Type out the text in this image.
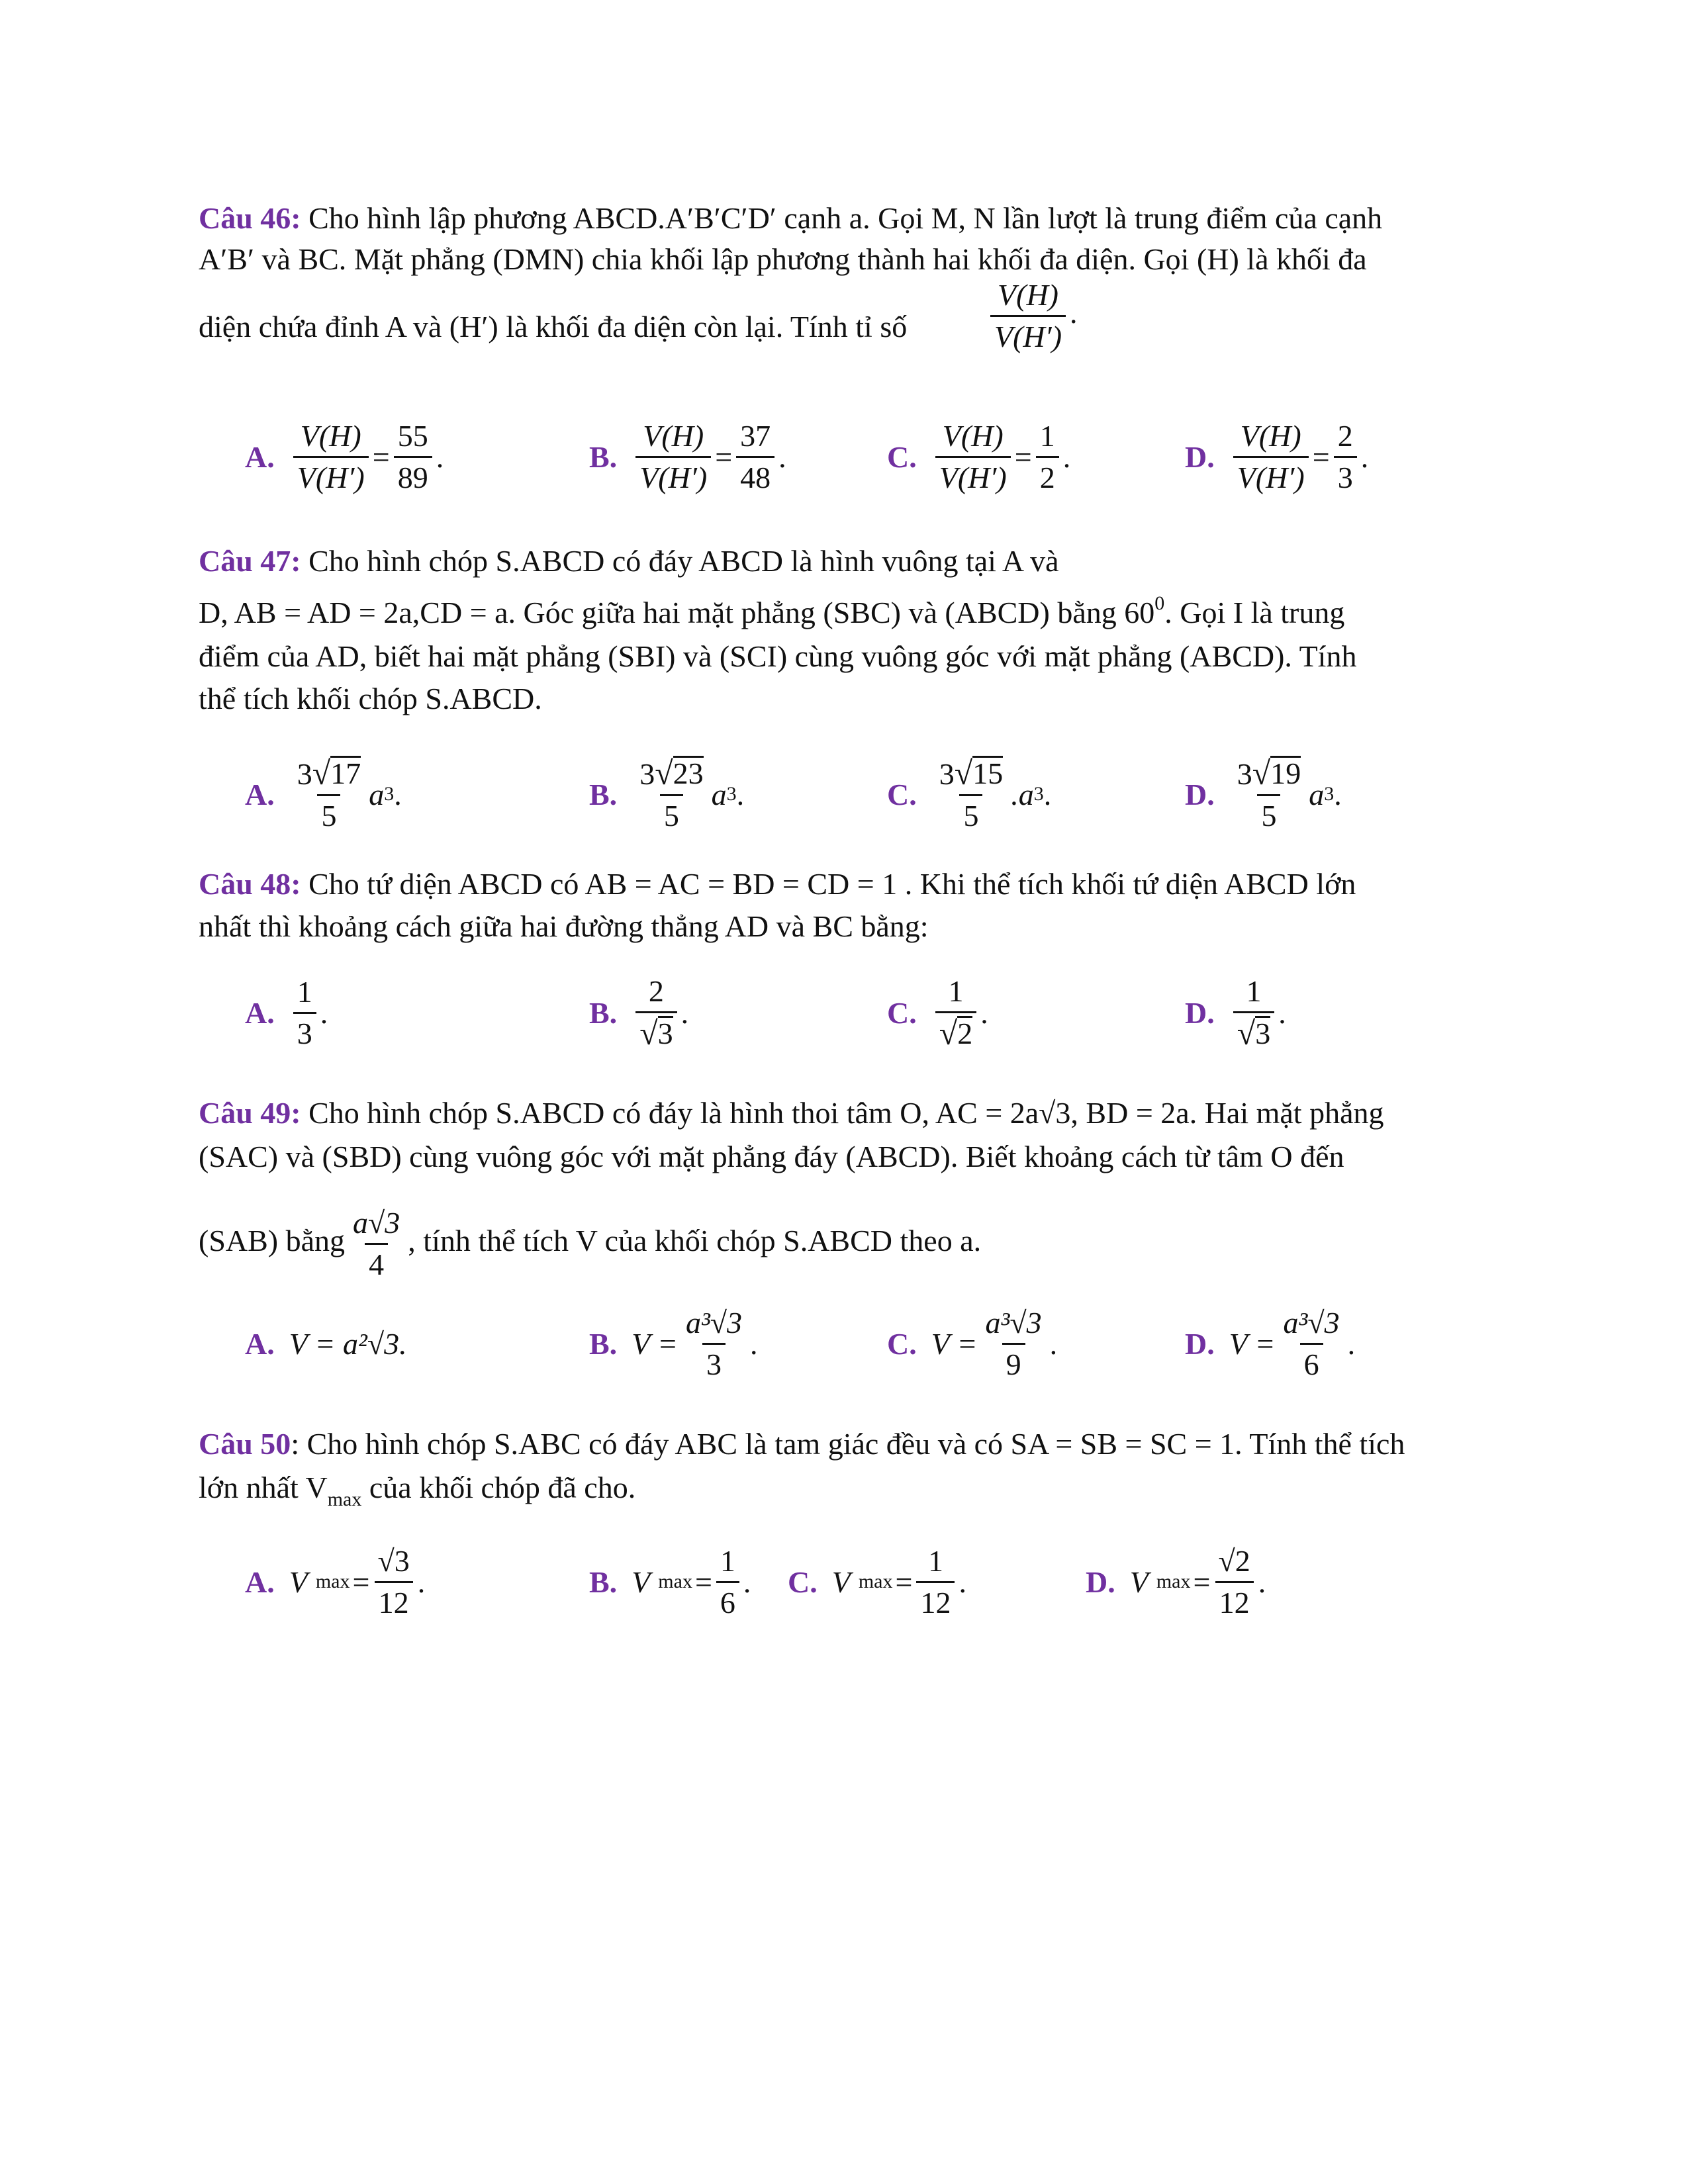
Câu 46: Cho hình lập phương ABCD.A′B′C′D′ cạnh a. Gọi M, N lần lượt là trung điểm của cạnh
A′B′ và BC. Mặt phẳng (DMN) chia khối lập phương thành hai khối đa diện. Gọi (H) là khối đa
diện chứa đỉnh A và (H′) là khối đa diện còn lại. Tính tỉ số	$\frac{V(H)}{V(H')}$ .
A. $\frac{V(H)}{V(H')} = \frac{55}{89}$ .	B. $\frac{V(H)}{V(H')} = \frac{37}{48}$ .	C. $\frac{V(H)}{V(H')} = \frac{1}{2}$ .	D. $\frac{V(H)}{V(H')} = \frac{2}{3}$ .
Câu 47: Cho hình chóp S.ABCD có đáy ABCD là hình vuông tại A và
D, AB = AD = 2a,CD = a. Góc giữa hai mặt phẳng (SBC) và (ABCD) bằng $60^0$. Gọi I là trung
điểm của AD, biết hai mặt phẳng (SBI) và (SCI) cùng vuông góc với mặt phẳng (ABCD). Tính
thể tích khối chóp S.ABCD.
A. $\frac{3 √ 17}{5}$ a 3 .	B. $\frac{3 √ 23}{5}$ a 3 .	C. $\frac{3 √ 15}{5} .a$ 3 .	D. $\frac{3 √ 19}{5}$ a 3 .
Câu 48: Cho tứ diện ABCD có AB = AC = BD = CD = 1 . Khi thể tích khối tứ diện ABCD lớn
nhất thì khoảng cách giữa hai đường thẳng AD và BC bằng:
A. $\frac{1}{3}$ .	B. $\frac{2}{√ 3}$ .	C. $\frac{1}{√ 2}$ .	D. $\frac{1}{√ 3}$ .
Câu 49: Cho hình chóp S.ABCD có đáy là hình thoi tâm O, AC = 2a√3, BD = 2a. Hai mặt phẳng
(SAC) và (SBD) cùng vuông góc với mặt phẳng đáy (ABCD). Biết khoảng cách từ tâm O đến
(SAB) bằng $\frac{a√3}{4}$ , tính thể tích V của khối chóp S.ABCD theo a.
A. V = a²√3.	B. $V = \frac{\text{a³√3}}{3}$ .	C. $V = \frac{\text{a³√3}}{9}$ .	D. $V = \frac{\text{a³√3}}{6}$ .
Câu 50: Cho hình chóp S.ABC có đáy ABC là tam giác đều và có SA = SB = SC = 1. Tính thể tích
lớn nhất $V_{max}$ của khối chóp đã cho.
A. V $\max = \frac{√3}{12}$ .	B. V $\max = \frac{1}{6}$ . C. V $\max = \frac{1}{12}$ .	D. V $\max = \frac{√2}{12}$ .
